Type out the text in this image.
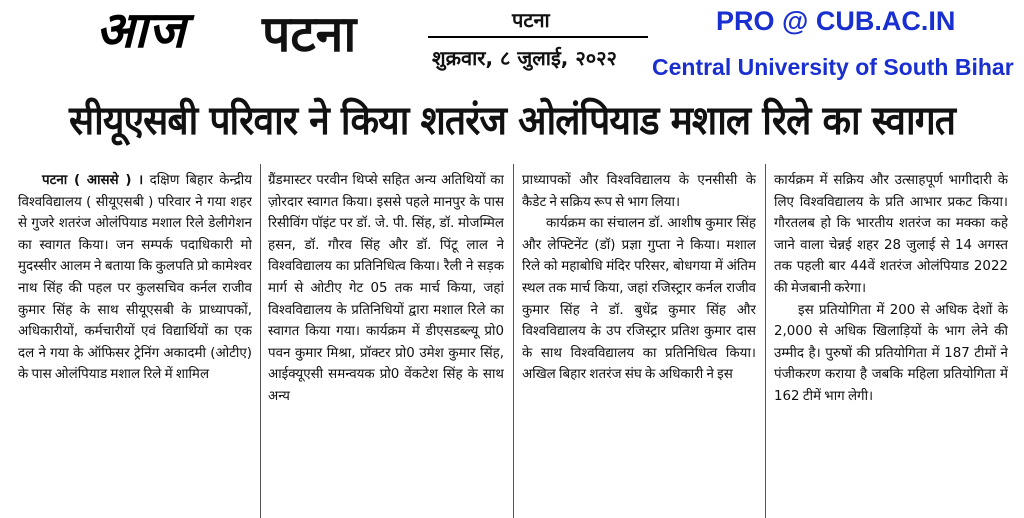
आज पटना	पटना
शुक्रवार, ८ जुलाई, २०२२
PRO @ CUB.AC.IN
Central University of South Bihar
सीयूएसबी परिवार ने किया शतरंज ओलंपियाड मशाल रिले का स्वागत

पटना ( आससे ) । दक्षिण बिहार केन्द्रीय विश्वविद्यालय ( सीयूएसबी ) परिवार ने गया शहर से गुजरे शतरंज ओलंपियाड मशाल रिले डेलीगेशन का स्वागत किया। जन सम्पर्क पदाधिकारी मो मुदस्सीर आलम ने बताया कि कुलपति प्रो कामेश्वर नाथ सिंह की पहल पर कुलसचिव कर्नल राजीव कुमार सिंह के साथ सीयूएसबी के प्राध्यापकों, अधिकारीयों, कर्मचारीयों एवं विद्यार्थियों का एक दल ने गया के ऑफिसर ट्रेनिंग अकादमी (ओटीए) के पास ओलंपियाड मशाल रिले में शामिल

ग्रैंडमास्टर परवीन थिप्से सहित अन्य अतिथियों का ज़ोरदार स्वागत किया। इससे पहले मानपुर के पास रिसीविंग पॉइंट पर डॉ. जे. पी. सिंह, डॉ. मोजम्मिल हसन, डॉ. गौरव सिंह और डॉ. पिंटू लाल ने विश्वविद्यालय का प्रतिनिधित्व किया। रैली ने सड़क मार्ग से ओटीए गेट 05 तक मार्च किया, जहां विश्वविद्यालय के प्रतिनिधियों द्वारा मशाल रिले का स्वागत किया गया। कार्यक्रम में डीएसडब्ल्यू प्रो0 पवन कुमार मिश्रा, प्रॉक्टर प्रो0 उमेश कुमार सिंह, आईक्यूएसी समन्वयक प्रो0 वेंकटेश सिंह के साथ अन्य

प्राध्यापकों और विश्वविद्यालय के एनसीसी के कैडेट ने सक्रिय रूप से भाग लिया।

कार्यक्रम का संचालन डॉ. आशीष कुमार सिंह और लेफ्टिनेंट (डॉ) प्रज्ञा गुप्ता ने किया। मशाल रिले को महाबोधि मंदिर परिसर, बोधगया में अंतिम स्थल तक मार्च किया, जहां रजिस्ट्रार कर्नल राजीव कुमार सिंह ने डॉ. बुधेंद्र कुमार सिंह और विश्वविद्यालय के उप रजिस्ट्रार प्रतिश कुमार दास के साथ विश्वविद्यालय का प्रतिनिधित्व किया। अखिल बिहार शतरंज संघ के अधिकारी ने इस

कार्यक्रम में सक्रिय और उत्साहपूर्ण भागीदारी के लिए विश्वविद्यालय के प्रति आभार प्रकट किया। गौरतलब हो कि भारतीय शतरंज का मक्का कहे जाने वाला चेन्नई शहर 28 जुलाई से 14 अगस्त तक पहली बार 44वें शतरंज ओलंपियाड 2022 की मेजबानी करेगा।

इस प्रतियोगिता में 200 से अधिक देशों के 2,000 से अधिक खिलाड़ियों के भाग लेने की उम्मीद है। पुरुषों की प्रतियोगिता में 187 टीमों ने पंजीकरण कराया है जबकि महिला प्रतियोगिता में 162 टीमें भाग लेगी।
